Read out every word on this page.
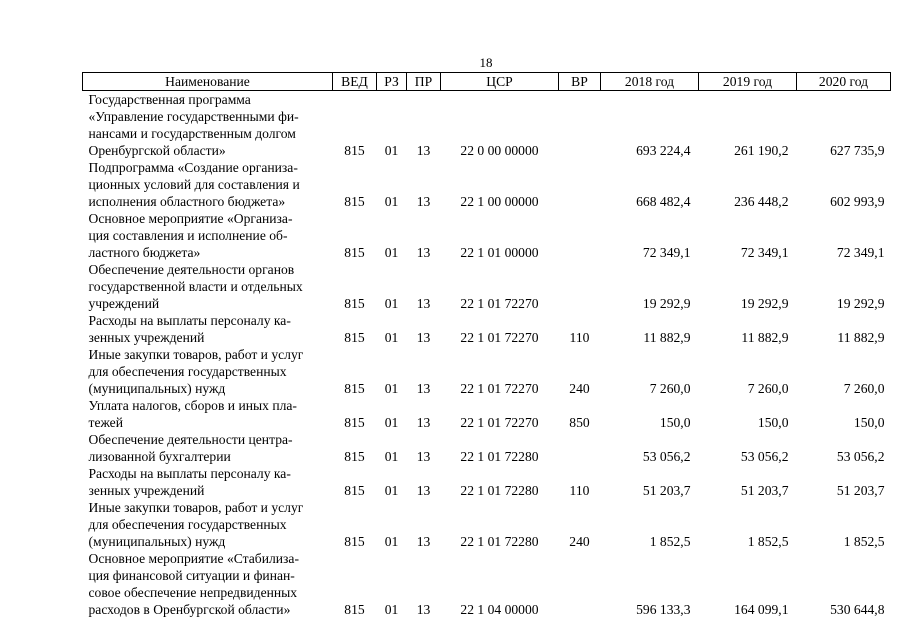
18
Наименование	ВЕД	РЗ	ПР	ЦСР	ВР	2018 год	2019 год	2020 год
Государственная программа
«Управление государственными фи-
нансами и государственным долгом
Оренбургской области»	815	01	13	22 0 00 00000		693 224,4	261 190,2	627 735,9
Подпрограмма «Создание организа-
ционных условий для составления и
исполнения областного бюджета»	815	01	13	22 1 00 00000		668 482,4	236 448,2	602 993,9
Основное мероприятие «Организа-
ция составления и исполнение об-
ластного бюджета»	815	01	13	22 1 01 00000		72 349,1	72 349,1	72 349,1
Обеспечение деятельности органов
государственной власти и отдельных
учреждений	815	01	13	22 1 01 72270		19 292,9	19 292,9	19 292,9
Расходы на выплаты персоналу ка-
зенных учреждений	815	01	13	22 1 01 72270	110	11 882,9	11 882,9	11 882,9
Иные закупки товаров, работ и услуг
для обеспечения государственных
(муниципальных) нужд	815	01	13	22 1 01 72270	240	7 260,0	7 260,0	7 260,0
Уплата налогов, сборов и иных пла-
тежей	815	01	13	22 1 01 72270	850	150,0	150,0	150,0
Обеспечение деятельности центра-
лизованной бухгалтерии	815	01	13	22 1 01 72280		53 056,2	53 056,2	53 056,2
Расходы на выплаты персоналу ка-
зенных учреждений	815	01	13	22 1 01 72280	110	51 203,7	51 203,7	51 203,7
Иные закупки товаров, работ и услуг
для обеспечения государственных
(муниципальных) нужд	815	01	13	22 1 01 72280	240	1 852,5	1 852,5	1 852,5
Основное мероприятие «Стабилиза-
ция финансовой ситуации и финан-
совое обеспечение непредвиденных
расходов в Оренбургской области»	815	01	13	22 1 04 00000		596 133,3	164 099,1	530 644,8
